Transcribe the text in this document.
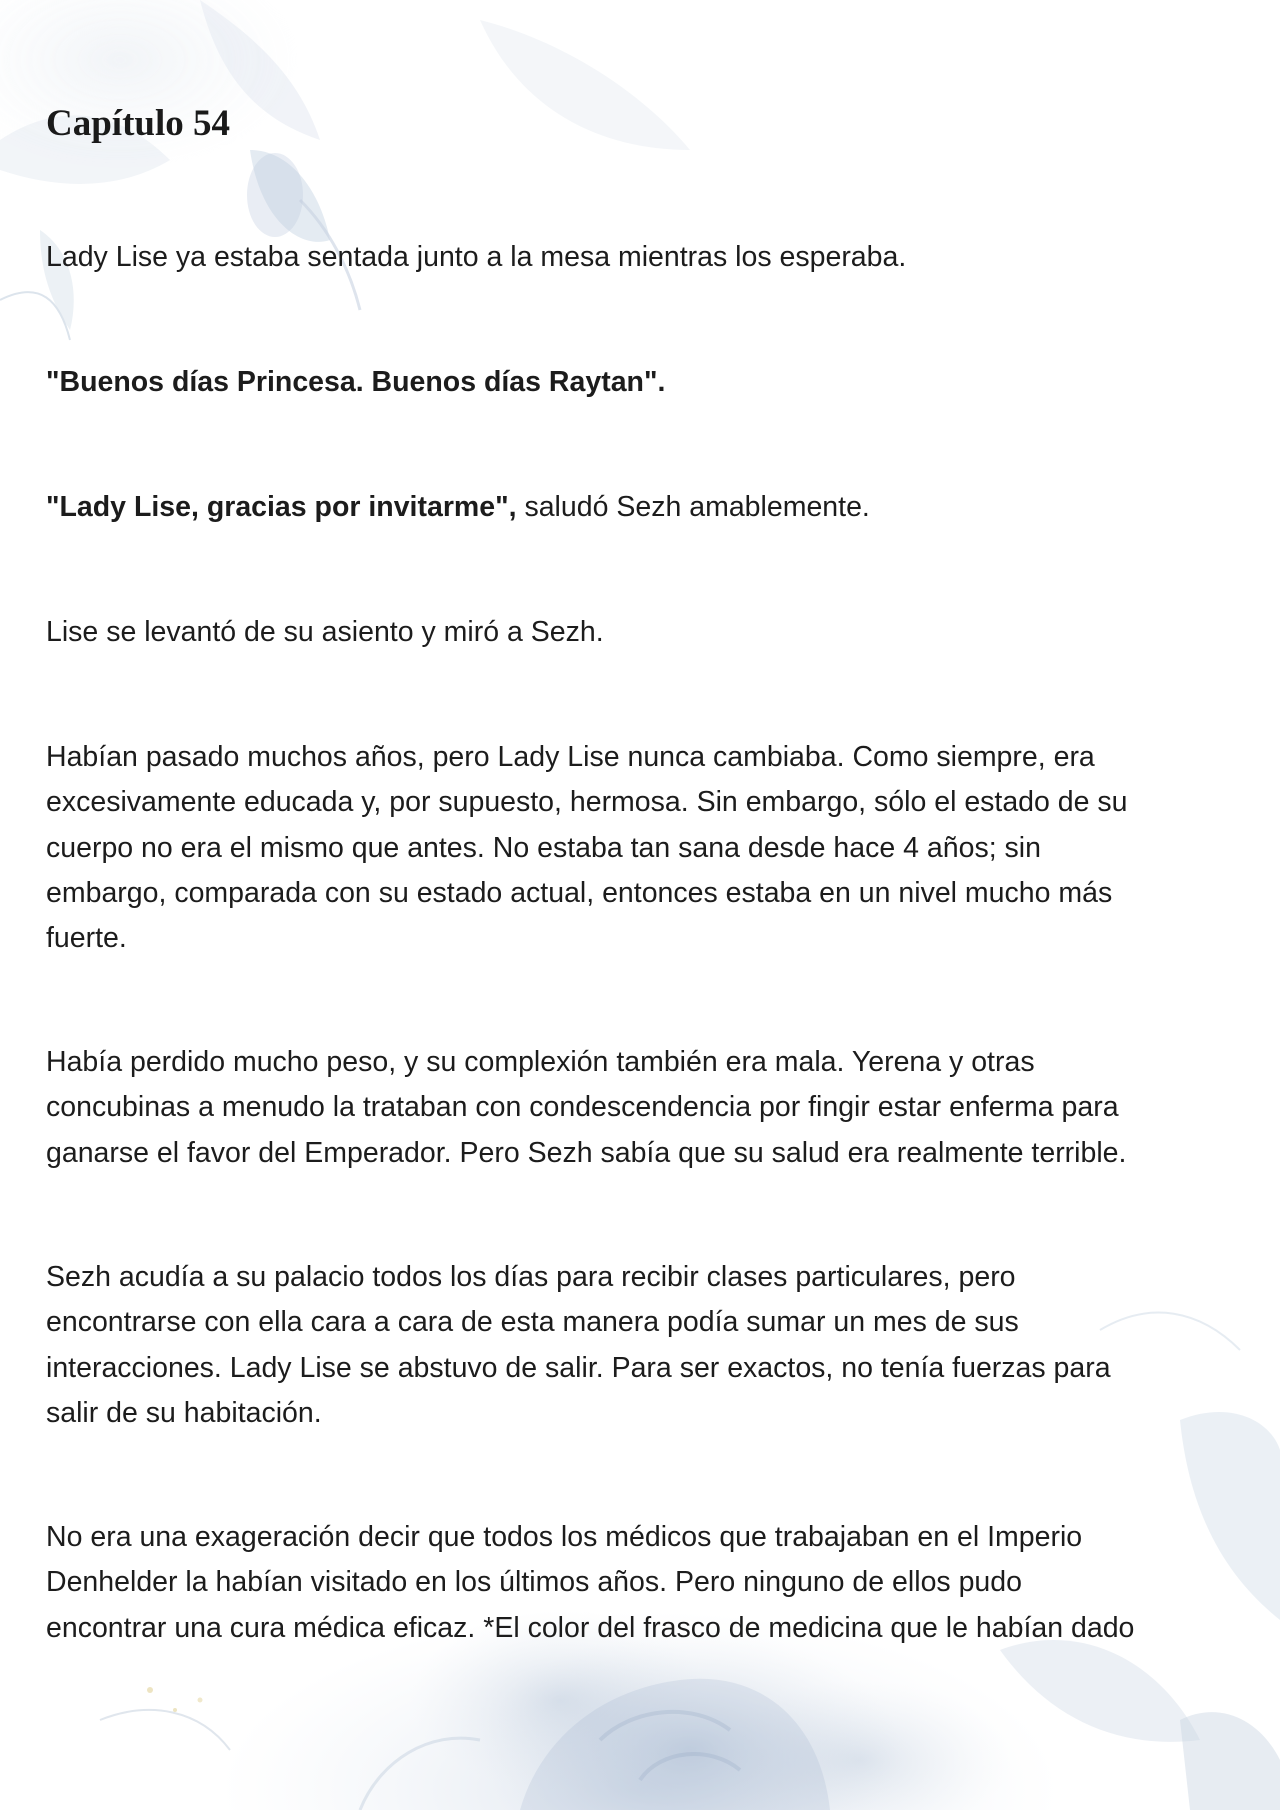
Capítulo 54

Lady Lise ya estaba sentada junto a la mesa mientras los esperaba.

"Buenos días Princesa. Buenos días Raytan".

"Lady Lise, gracias por invitarme", saludó Sezh amablemente.

Lise se levantó de su asiento y miró a Sezh.

Habían pasado muchos años, pero Lady Lise nunca cambiaba. Como siempre, era
excesivamente educada y, por supuesto, hermosa. Sin embargo, sólo el estado de su
cuerpo no era el mismo que antes. No estaba tan sana desde hace 4 años; sin
embargo, comparada con su estado actual, entonces estaba en un nivel mucho más
fuerte.

Había perdido mucho peso, y su complexión también era mala. Yerena y otras
concubinas a menudo la trataban con condescendencia por fingir estar enferma para
ganarse el favor del Emperador. Pero Sezh sabía que su salud era realmente terrible.

Sezh acudía a su palacio todos los días para recibir clases particulares, pero
encontrarse con ella cara a cara de esta manera podía sumar un mes de sus
interacciones. Lady Lise se abstuvo de salir. Para ser exactos, no tenía fuerzas para
salir de su habitación.

No era una exageración decir que todos los médicos que trabajaban en el Imperio
Denhelder la habían visitado en los últimos años. Pero ninguno de ellos pudo
encontrar una cura médica eficaz. *El color del frasco de medicina que le habían dado
